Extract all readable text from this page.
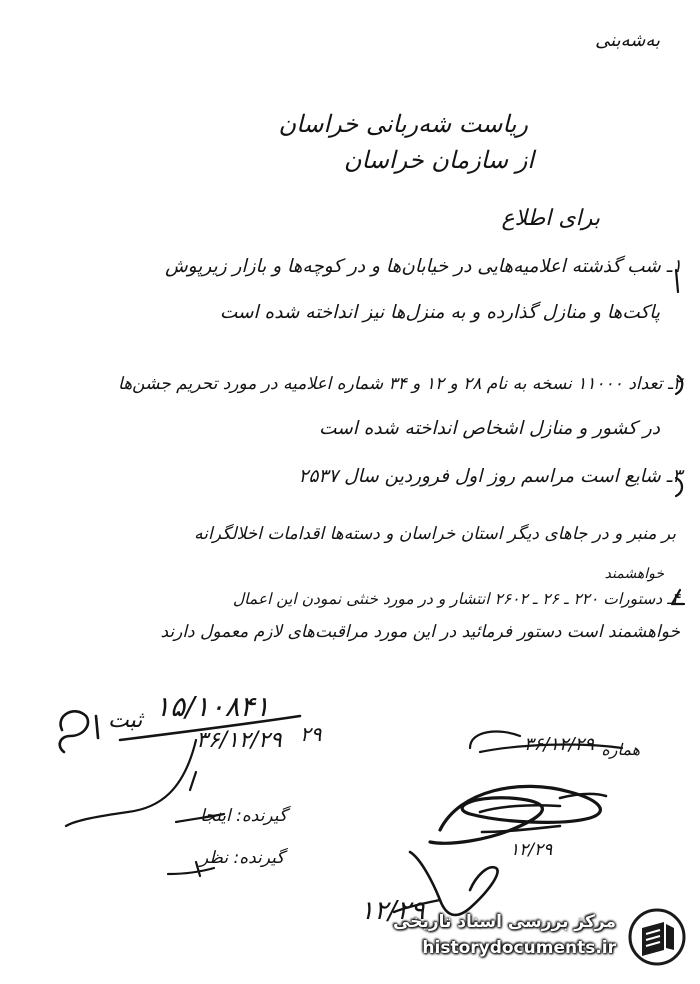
بە‌شە‌بنی
ریاست شەربانی خراسان
از سازمان خراسان
برای اطلاع
۱ـ شب گذشته اعلامیه‌هایی در خیابان‌ها و در کوچه‌ها و بازار زیرپوش
پاکت‌ها و منازل گذارده و به منزل‌ها نیز انداخته شده است
۲ـ تعداد ۱۱۰۰۰ نسخه به نام ۲۸ و ۱۲ و ۳۴ شماره اعلامیه در مورد تحریم جشن‌ها
در کشور و منازل اشخاص انداخته شده است
۳ـ شایع است مراسم روز اول فروردین سال ۲۵۳۷
بر منبر و در جاهای دیگر استان خراسان و دسته‌ها اقدامات اخلالگرانه
خواهشمند
۴ـ دستورات ۲۲۰ ـ ۲۶ ـ ۲۶۰۲ انتشار و در مورد خنثی نمودن این اعمال
خواهشمند است دستور فرمائید در این مورد مراقبت‌های لازم معمول دارند
ثبت ۱۵/۱۰۸۴۱
۳۶/۱۲/۲۹ ۲۹
هماره
۳۶/۱۲/۲۹
گیرنده: اینجا
گیرنده: نظر	۱۲/۲۹
۱۲/۲۹
مرکز بررسی اسناد تاریخی
historydocuments.ir
